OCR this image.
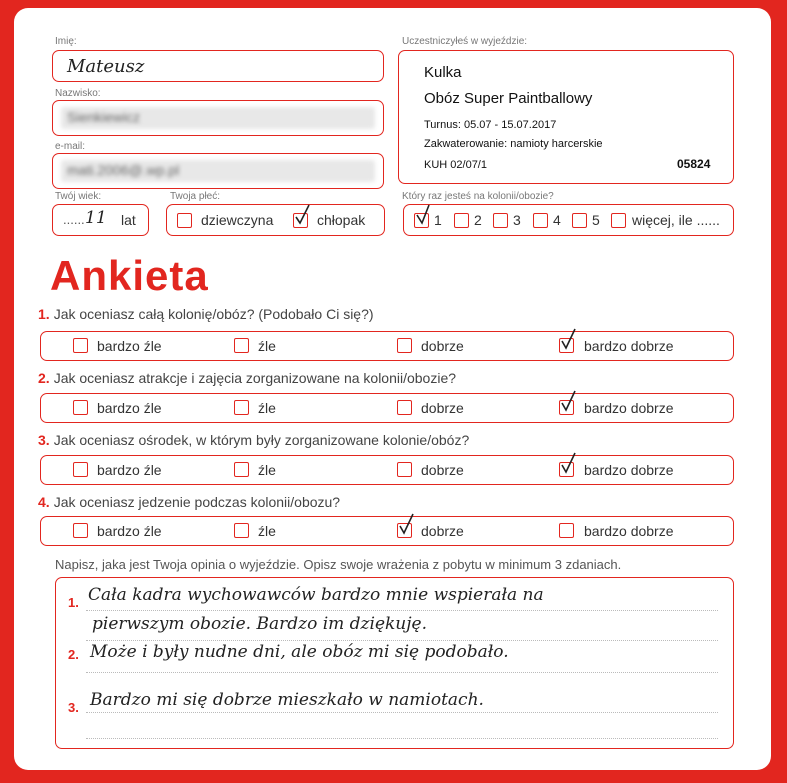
Imię:
Mateusz
Nazwisko:
Sienkiewicz
e-mail:
mati.2006@.wp.pl
Twój wiek:
...... 11 lat
Twoja płeć:
dziewczyna	chłopak
Uczestniczyłeś w wyjeździe:
Kulka
Obóz Super Paintballowy
Turnus: 05.07 - 15.07.2017
Zakwaterowanie: namioty harcerskie
KUH 02/07/1	05824
Który raz jesteś na kolonii/obozie?
1 2 3 4 5 więcej, ile ......
Ankieta
1. Jak oceniasz całą kolonię/obóz? (Podobało Ci się?)
bardzo źle	źle	dobrze	bardzo dobrze
2. Jak oceniasz atrakcje i zajęcia zorganizowane na kolonii/obozie?
bardzo źle	źle	dobrze	bardzo dobrze
3. Jak oceniasz ośrodek, w którym były zorganizowane kolonie/obóz?
bardzo źle	źle	dobrze	bardzo dobrze
4. Jak oceniasz jedzenie podczas kolonii/obozu?
bardzo źle	źle	dobrze	bardzo dobrze
Napisz, jaka jest Twoja opinia o wyjeździe. Opisz swoje wrażenia z pobytu w minimum 3 zdaniach.
1.
2.
3.
Cała kadra wychowawców bardzo mnie wspierała na
pierwszym obozie. Bardzo im dziękuję.
Może i były nudne dni, ale obóz mi się podobało.
Bardzo mi się dobrze mieszkało w namiotach.
